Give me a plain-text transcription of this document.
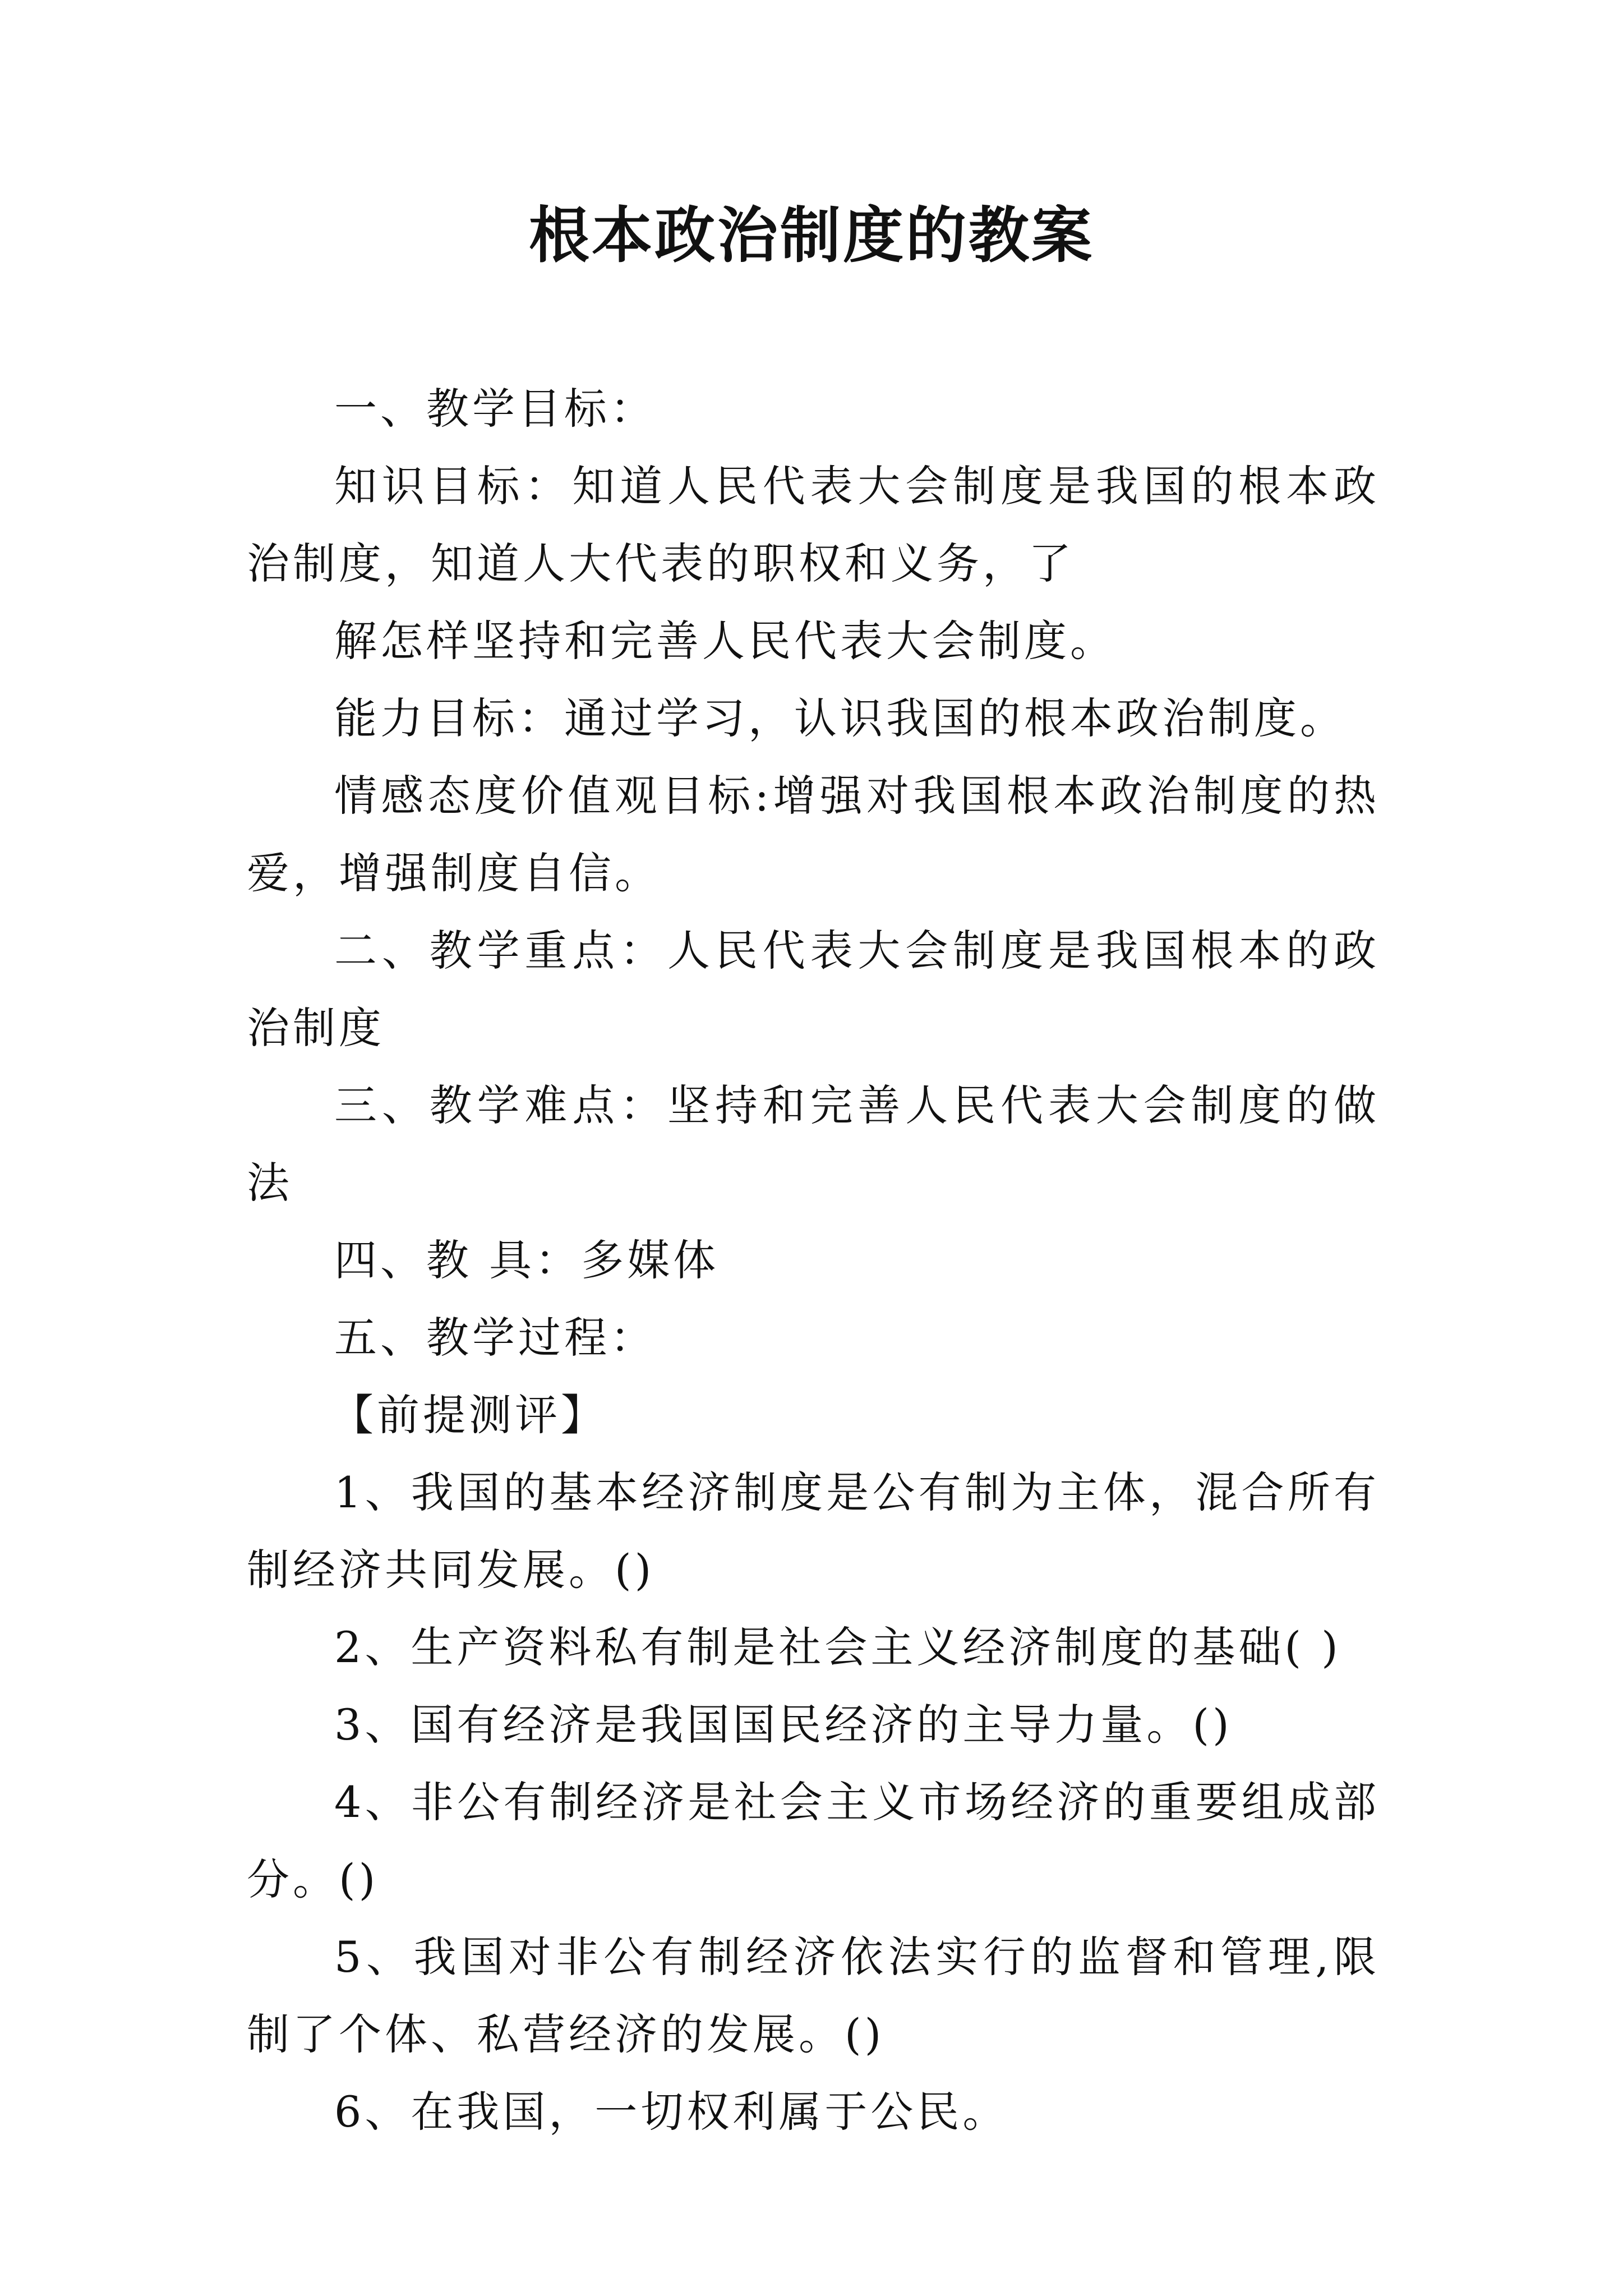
根本政治制度的教案

一、教学目标：

知识目标：知道人民代表大会制度是我国的根本政治制度，知道人大代表的职权和义务，了

解怎样坚持和完善人民代表大会制度。

能力目标：通过学习，认识我国的根本政治制度。

情感态度价值观目标:增强对我国根本政治制度的热爱，增强制度自信。

二、教学重点：人民代表大会制度是我国根本的政治制度

三、教学难点：坚持和完善人民代表大会制度的做法

四、教 具：多媒体

五、教学过程：

【前提测评】

1、我国的基本经济制度是公有制为主体，混合所有制经济共同发展。()

2、生产资料私有制是社会主义经济制度的基础( )

3、国有经济是我国国民经济的主导力量。()

4、非公有制经济是社会主义市场经济的重要组成部分。()

5、我国对非公有制经济依法实行的监督和管理,限制了个体、私营经济的发展。()

6、在我国，一切权利属于公民。
